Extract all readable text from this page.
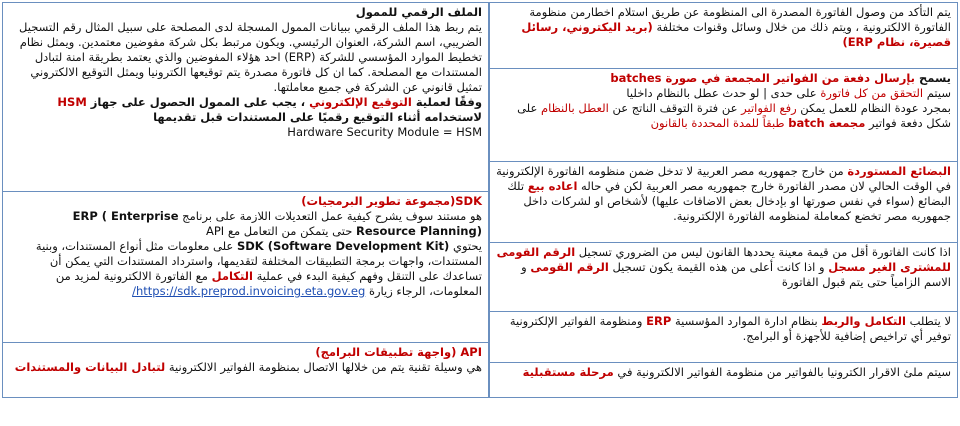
الملف الرقمي للممول

يتم ربط هذا الملف الرقمي ببيانات الممول المسجلة لدى المصلحة على سبيل المثال رقم التسجيل الضريبي، اسم الشركة، العنوان الرئيسي. ويكون مرتبط بكل شركة مفوضين معتمدين. ويمثل نظام تخطيط الموارد المؤسسي للشركة (ERP) احد هؤلاء المفوضين والذي يعتمد بطريقة امنة لتبادل المستندات مع المصلحة. كما ان كل فاتورة مصدرة يتم توقيعها الكترونيا ويمثل التوقيع الالكتروني تمثيل قانوني عن الشركة في جميع معاملتها.

وفقًا لعملية التوقيع الإلكتروني ، يجب على الممول الحصول على جهاز HSM لاستخدامه أثناء التوقيع رقميًا على المستندات قبل تقديمها

Hardware Security Module = HSM

SDK(مجموعة تطوير البرمجيات)

هو مستند سوف يشرح كيفية عمل التعديلات اللازمة على برنامج ERP ( Enterprise Resource Planning) حتى يتمكن من التعامل مع API

يحتوي SDK (Software Development Kit) على معلومات مثل أنواع المستندات، وبنية المستندات، واجهات برمجة التطبيقات المختلفة لتقديمها، واسترداد المستندات التي يمكن أن تساعدك على التنقل وفهم كيفية البدء في عملية التكامل مع الفاتورة الالكترونية لمزيد من المعلومات، الرجاء زيارة https://sdk.preprod.invoicing.eta.gov.eg/

API (واجهة تطبيقات البرامج)

هي وسيلة تقنية يتم من خلالها الاتصال بمنظومة الفواتير الالكترونية لتبادل البيانات والمستندات

يتم التأكد من وصول الفاتورة المصدرة الى المنظومة عن طريق استلام اخطارمن منظومة الفاتورة الالكترونية ، ويتم ذلك من خلال وسائل وقنوات مختلفة (بريد اليكتروني، رسائل قصيرة، نظام ERP)

يسمح بإرسال دفعة من الفواتير المجمعة في صورة batches

سيتم التحقق من كل فاتورة على حدى | لو حدث عطل بالنظام داخليا

بمجرد عودة النظام للعمل يمكن رفع الفواتير عن فترة التوقف الناتج عن العطل بالنظام على شكل دفعة فواتير مجمعة batch طبقاً للمدة المحددة بالقانون

البضائع المستوردة من خارج جمهوريه مصر العربية لا تدخل ضمن منظومه الفاتورة الإلكترونية في الوقت الحالي لان مصدر الفاتورة خارج جمهوريه مصر العربية لكن في حاله اعاده بيع تلك البضائع (سواء في نفس صورتها او بإدخال بعض الاضافات عليها) لأشخاص او لشركات داخل جمهوريه مصر تخضع كمعاملة لمنظومه الفاتورة الإلكترونية.

اذا كانت الفاتورة أقل من قيمة معينة يحددها القانون ليس من الضروري تسجيل الرقم القومى للمشترى الغير مسجل و اذا كانت أعلى من هذه القيمة يكون تسجيل الرقم القومى و الاسم الزامياً حتى يتم قبول الفاتورة

لا يتطلب التكامل والربط بنظام ادارة الموارد المؤسسية ERP ومنظومة الفواتير الإلكترونية توفير أي تراخيص إضافية للأجهزة أو البرامج.

سيتم ملئ الاقرار الكترونيا بالفواتير من منظومة الفواتير الالكترونية في مرحلة مستقبلية
